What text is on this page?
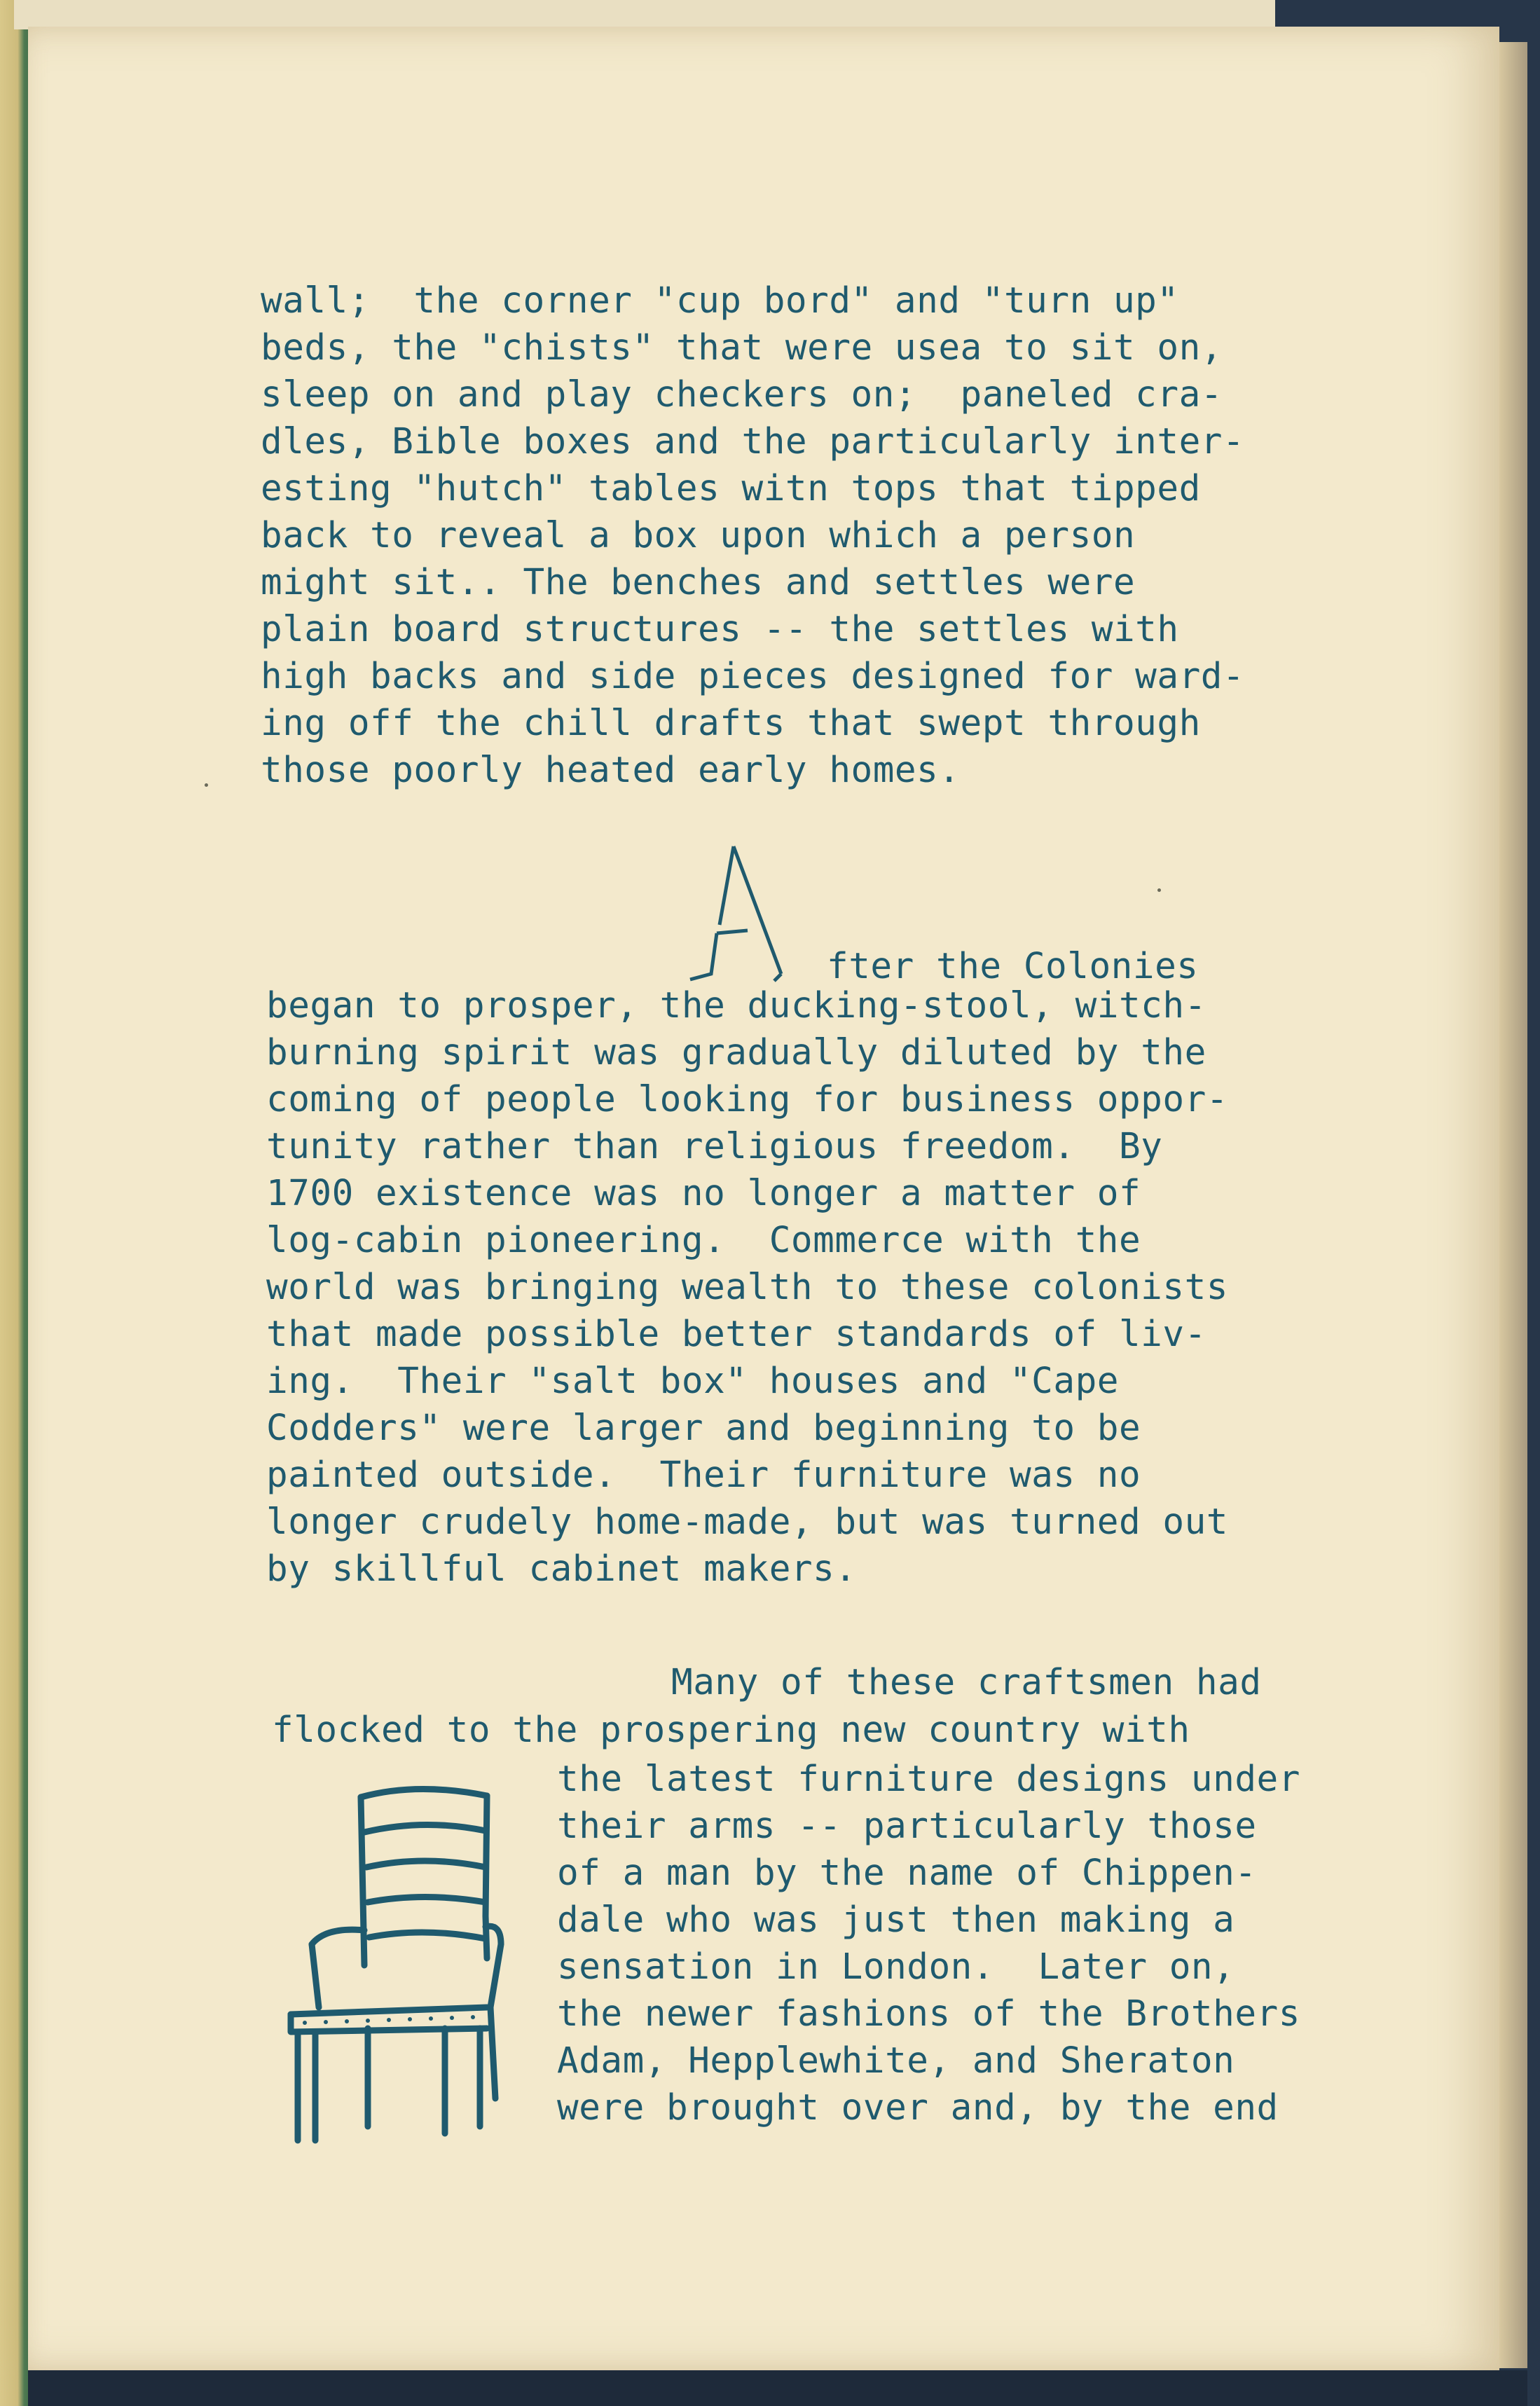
wall;  the corner "cup bord" and "turn up"
beds, the "chists" that were usea to sit on,
sleep on and play checkers on;  paneled cra-
dles, Bible boxes and the particularly inter-
esting "hutch" tables witn tops that tipped
back to reveal a box upon which a person
might sit.. The benches and settles were
plain board structures -- the settles with
high backs and side pieces designed for ward-
ing off the chill drafts that swept through
those poorly heated early homes.
fter the Colonies
began to prosper, the ducking-stool, witch-
burning spirit was gradually diluted by the
coming of people looking for business oppor-
tunity rather than religious freedom.  By
1700 existence was no longer a matter of
log-cabin pioneering.  Commerce with the
world was bringing wealth to these colonists
that made possible better standards of liv-
ing.  Their "salt box" houses and "Cape
Codders" were larger and beginning to be
painted outside.  Their furniture was no
longer crudely home-made, but was turned out
by skillful cabinet makers.
Many of these craftsmen had
flocked to the prospering new country with
the latest furniture designs under
their arms -- particularly those
of a man by the name of Chippen-
dale who was just then making a
sensation in London.  Later on,
the newer fashions of the Brothers
Adam, Hepplewhite, and Sheraton
were brought over and, by the end
